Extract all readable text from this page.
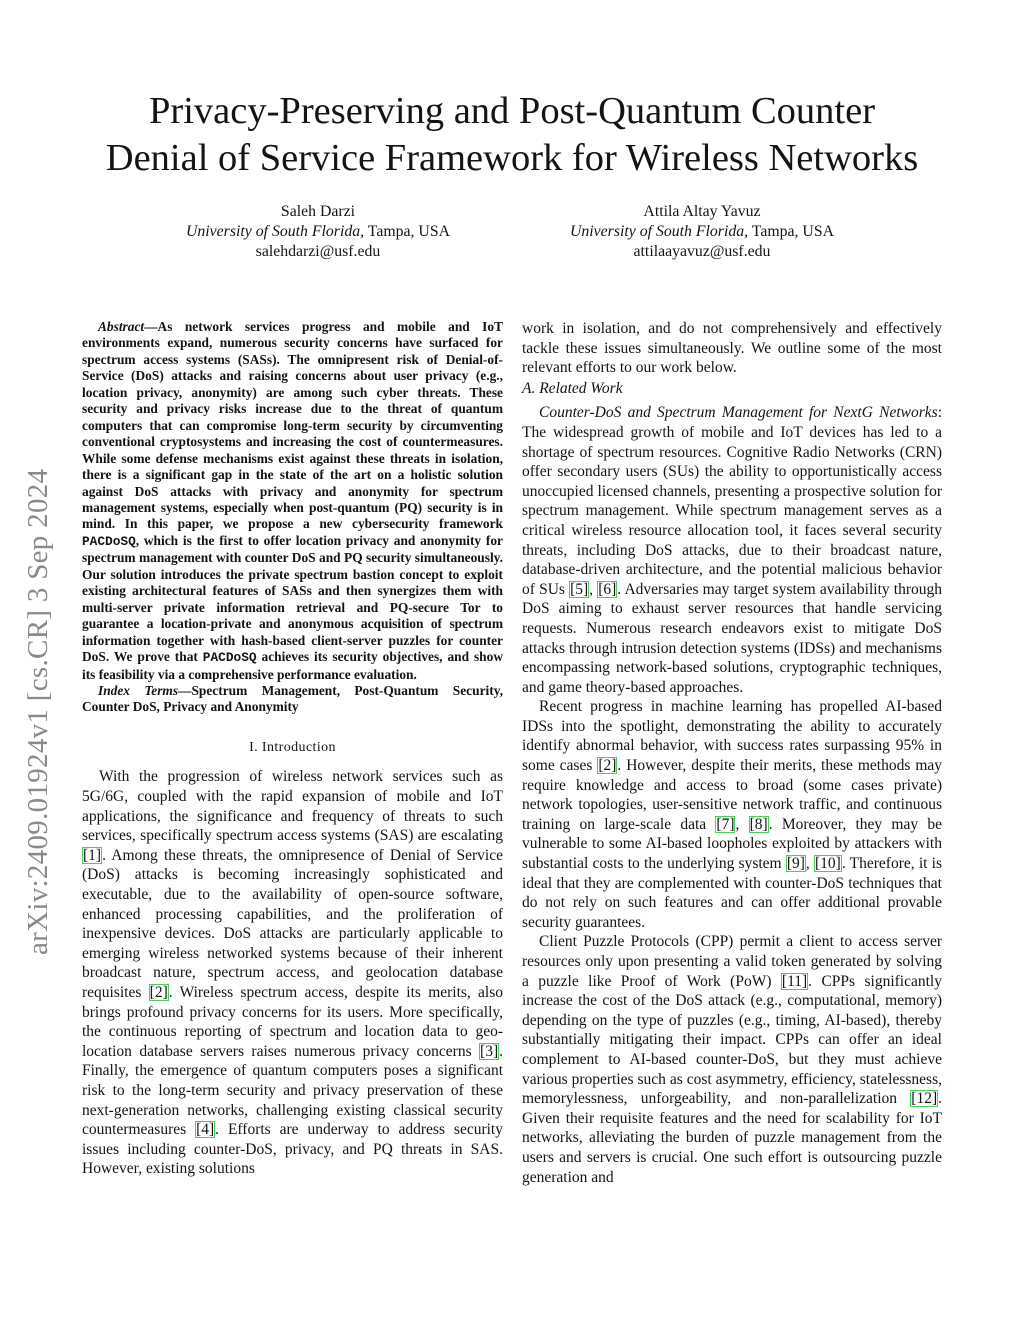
arXiv:2409.01924v1 [cs.CR] 3 Sep 2024
Privacy-Preserving and Post-Quantum Counter
Denial of Service Framework for Wireless Networks
Saleh Darzi
University of South Florida, Tampa, USA
salehdarzi@usf.edu
Attila Altay Yavuz
University of South Florida, Tampa, USA
attilaayavuz@usf.edu

Abstract—As network services progress and mobile and IoT environments expand, numerous security concerns have surfaced for spectrum access systems (SASs). The omnipresent risk of Denial-of-Service (DoS) attacks and raising concerns about user privacy (e.g., location privacy, anonymity) are among such cyber threats. These security and privacy risks increase due to the threat of quantum computers that can compromise long-term security by circumventing conventional cryptosystems and increasing the cost of countermeasures. While some defense mechanisms exist against these threats in isolation, there is a significant gap in the state of the art on a holistic solution against DoS attacks with privacy and anonymity for spectrum management systems, especially when post-quantum (PQ) security is in mind. In this paper, we propose a new cybersecurity framework PACDoSQ, which is the first to offer location privacy and anonymity for spectrum management with counter DoS and PQ security simultaneously. Our solution introduces the private spectrum bastion concept to exploit existing architectural features of SASs and then synergizes them with multi-server private information retrieval and PQ-secure Tor to guarantee a location-private and anonymous acquisition of spectrum information together with hash-based client-server puzzles for counter DoS. We prove that PACDoSQ achieves its security objectives, and show its feasibility via a comprehensive performance evaluation.

Index Terms—Spectrum Management, Post-Quantum Security, Counter DoS, Privacy and Anonymity

I. Introduction

With the progression of wireless network services such as 5G/6G, coupled with the rapid expansion of mobile and IoT applications, the significance and frequency of threats to such services, specifically spectrum access systems (SAS) are escalating [1]. Among these threats, the omnipresence of Denial of Service (DoS) attacks is becoming increasingly sophisticated and executable, due to the availability of open-source software, enhanced processing capabilities, and the proliferation of inexpensive devices. DoS attacks are particularly applicable to emerging wireless networked systems because of their inherent broadcast nature, spectrum access, and geolocation database requisites [2]. Wireless spectrum access, despite its merits, also brings profound privacy concerns for its users. More specifically, the continuous reporting of spectrum and location data to geo-location database servers raises numerous privacy concerns [3]. Finally, the emergence of quantum computers poses a significant risk to the long-term security and privacy preservation of these next-generation networks, challenging existing classical security countermeasures [4]. Efforts are underway to address security issues including counter-DoS, privacy, and PQ threats in SAS. However, existing solutions

work in isolation, and do not comprehensively and effectively tackle these issues simultaneously. We outline some of the most relevant efforts to our work below.

A. Related Work

Counter-DoS and Spectrum Management for NextG Networks: The widespread growth of mobile and IoT devices has led to a shortage of spectrum resources. Cognitive Radio Networks (CRN) offer secondary users (SUs) the ability to opportunistically access unoccupied licensed channels, presenting a prospective solution for spectrum management. While spectrum management serves as a critical wireless resource allocation tool, it faces several security threats, including DoS attacks, due to their broadcast nature, database-driven architecture, and the potential malicious behavior of SUs [5], [6]. Adversaries may target system availability through DoS aiming to exhaust server resources that handle servicing requests. Numerous research endeavors exist to mitigate DoS attacks through intrusion detection systems (IDSs) and mechanisms encompassing network-based solutions, cryptographic techniques, and game theory-based approaches.

Recent progress in machine learning has propelled AI-based IDSs into the spotlight, demonstrating the ability to accurately identify abnormal behavior, with success rates surpassing 95% in some cases [2]. However, despite their merits, these methods may require knowledge and access to broad (some cases private) network topologies, user-sensitive network traffic, and continuous training on large-scale data [7], [8]. Moreover, they may be vulnerable to some AI-based loopholes exploited by attackers with substantial costs to the underlying system [9], [10]. Therefore, it is ideal that they are complemented with counter-DoS techniques that do not rely on such features and can offer additional provable security guarantees.

Client Puzzle Protocols (CPP) permit a client to access server resources only upon presenting a valid token generated by solving a puzzle like Proof of Work (PoW) [11]. CPPs significantly increase the cost of the DoS attack (e.g., computational, memory) depending on the type of puzzles (e.g., timing, AI-based), thereby substantially mitigating their impact. CPPs can offer an ideal complement to AI-based counter-DoS, but they must achieve various properties such as cost asymmetry, efficiency, statelessness, memorylessness, unforgeability, and non-parallelization [12]. Given their requisite features and the need for scalability for IoT networks, alleviating the burden of puzzle management from the users and servers is crucial. One such effort is outsourcing puzzle generation and
